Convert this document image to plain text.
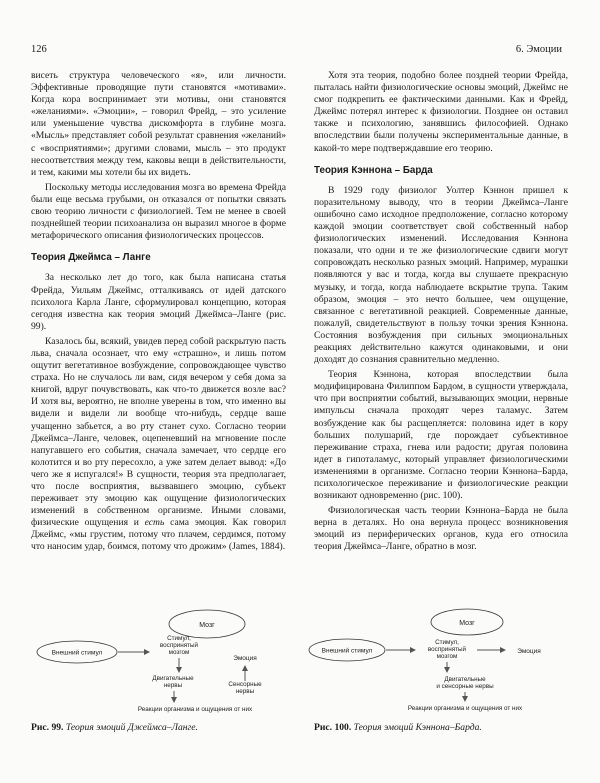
126	6. Эмоции

висеть структура человеческого «я», или личности. Эффективные проводящие пути становятся «мотивами». Когда кора воспринимает эти мотивы, они становятся «желаниями». «Эмоции», – говорил Фрейд, – это усиление или уменьшение чувства дискомфорта в глубине мозга. «Мысль» представляет собой результат сравнения «желаний» с «восприятиями»; другими словами, мысль – это продукт несоответствия между тем, каковы вещи в действительности, и тем, какими мы хотели бы их видеть.

Поскольку методы исследования мозга во времена Фрейда были еще весьма грубыми, он отказался от попытки связать свою теорию личности с физиологией. Тем не менее в своей позднейшей теории психоанализа он выразил многое в форме метафорического описания физиологических процессов.

Теория Джеймса – Ланге

За несколько лет до того, как была написана статья Фрейда, Уильям Джеймс, отталкиваясь от идей датского психолога Карла Ланге, сформулировал концепцию, которая сегодня известна как теория эмоций Джеймса–Ланге (рис. 99).

Казалось бы, всякий, увидев перед собой раскрытую пасть льва, сначала осознает, что ему «страшно», и лишь потом ощутит вегетативное возбуждение, сопровождающее чувство страха. Но не случалось ли вам, сидя вечером у себя дома за книгой, вдруг почувствовать, как что-то движется возле вас? И хотя вы, вероятно, не вполне уверены в том, что именно вы видели и видели ли вообще что-нибудь, сердце ваше учащенно забьется, а во рту станет сухо. Согласно теории Джеймса–Ланге, человек, оцепеневший на мгновение после напугавшего его события, сначала замечает, что сердце его колотится и во рту пересохло, а уже затем делает вывод: «До чего же я испугался!» В сущности, теория эта предполагает, что после восприятия, вызвавшего эмоцию, субъект переживает эту эмоцию как ощущение физиологических изменений в собственном организме. Иными словами, физические ощущения и есть сама эмоция. Как говорил Джеймс, «мы грустим, потому что плачем, сердимся, потому что наносим удар, боимся, потому что дрожим» (James, 1884).

Хотя эта теория, подобно более поздней теории Фрейда, пыталась найти физиологические основы эмоций, Джеймс не смог подкрепить ее фактическими данными. Как и Фрейд, Джеймс потерял интерес к физиологии. Позднее он оставил также и психологию, занявшись философией. Однако впоследствии были получены экспериментальные данные, в какой-то мере подтверждавшие его теорию.

Теория Кэннона – Барда

В 1929 году физиолог Уолтер Кэннон пришел к поразительному выводу, что в теории Джеймса–Ланге ошибочно само исходное предположение, согласно которому каждой эмоции соответствует свой собственный набор физиологических изменений. Исследования Кэннона показали, что одни и те же физиологические сдвиги могут сопровождать несколько разных эмоций. Например, мурашки появляются у вас и тогда, когда вы слушаете прекрасную музыку, и тогда, когда наблюдаете вскрытие трупа. Таким образом, эмоция – это нечто большее, чем ощущение, связанное с вегетативной реакцией. Современные данные, пожалуй, свидетельствуют в пользу точки зрения Кэннона. Состояния возбуждения при сильных эмоциональных реакциях действительно кажутся одинаковыми, и они доходят до сознания сравнительно медленно.

Теория Кэннона, которая впоследствии была модифицирована Филиппом Бардом, в сущности утверждала, что при восприятии событий, вызывающих эмоции, нервные импульсы сначала проходят через таламус. Затем возбуждение как бы расщепляется: половина идет в кору больших полушарий, где порождает субъективное переживание страха, гнева или радости; другая половина идет в гипоталамус, который управляет физиологическими изменениями в организме. Согласно теории Кэннона–Барда, психологическое переживание и физиологические реакции возникают одновременно (рис. 100).

Физиологическая часть теории Кэннона–Барда не была верна в деталях. Но она вернула процесс возникновения эмоций из периферических органов, куда его относила теория Джеймса–Ланге, обратно в мозг.

Мозг
Внешний стимул
Стимул,
воспринятый
мозгом
Эмоция
Двигательные
нервы	Сенсорные
нервы
Реакции организма и ощущения от них
Рис. 99. Теория эмоций Джеймса–Ланге.
Мозг
Внешний стимул
Стимул,
воспринятый
мозгом
Эмоция
Двигательные
и сенсорные нервы
Реакции организма и ощущения от них
Рис. 100. Теория эмоций Кэннона–Барда.
